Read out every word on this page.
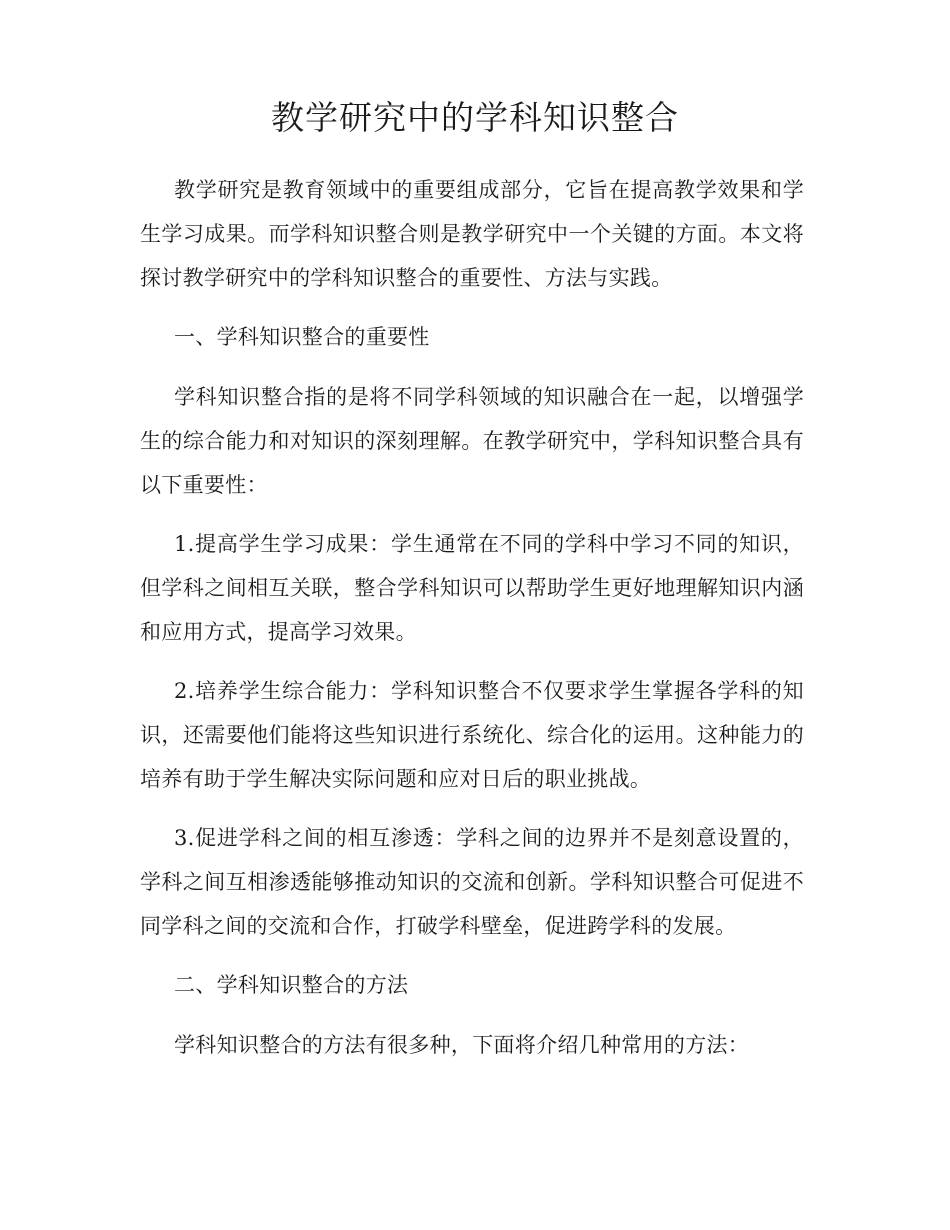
教学研究中的学科知识整合

教学研究是教育领域中的重要组成部分，它旨在提高教学效果和学生学习成果。而学科知识整合则是教学研究中一个关键的方面。本文将探讨教学研究中的学科知识整合的重要性、方法与实践。

一、学科知识整合的重要性

学科知识整合指的是将不同学科领域的知识融合在一起，以增强学生的综合能力和对知识的深刻理解。在教学研究中，学科知识整合具有以下重要性：

1.提高学生学习成果：学生通常在不同的学科中学习不同的知识，但学科之间相互关联，整合学科知识可以帮助学生更好地理解知识内涵和应用方式，提高学习效果。

2.培养学生综合能力：学科知识整合不仅要求学生掌握各学科的知识，还需要他们能将这些知识进行系统化、综合化的运用。这种能力的培养有助于学生解决实际问题和应对日后的职业挑战。

3.促进学科之间的相互渗透：学科之间的边界并不是刻意设置的，学科之间互相渗透能够推动知识的交流和创新。学科知识整合可促进不同学科之间的交流和合作，打破学科壁垒，促进跨学科的发展。

二、学科知识整合的方法

学科知识整合的方法有很多种，下面将介绍几种常用的方法：
